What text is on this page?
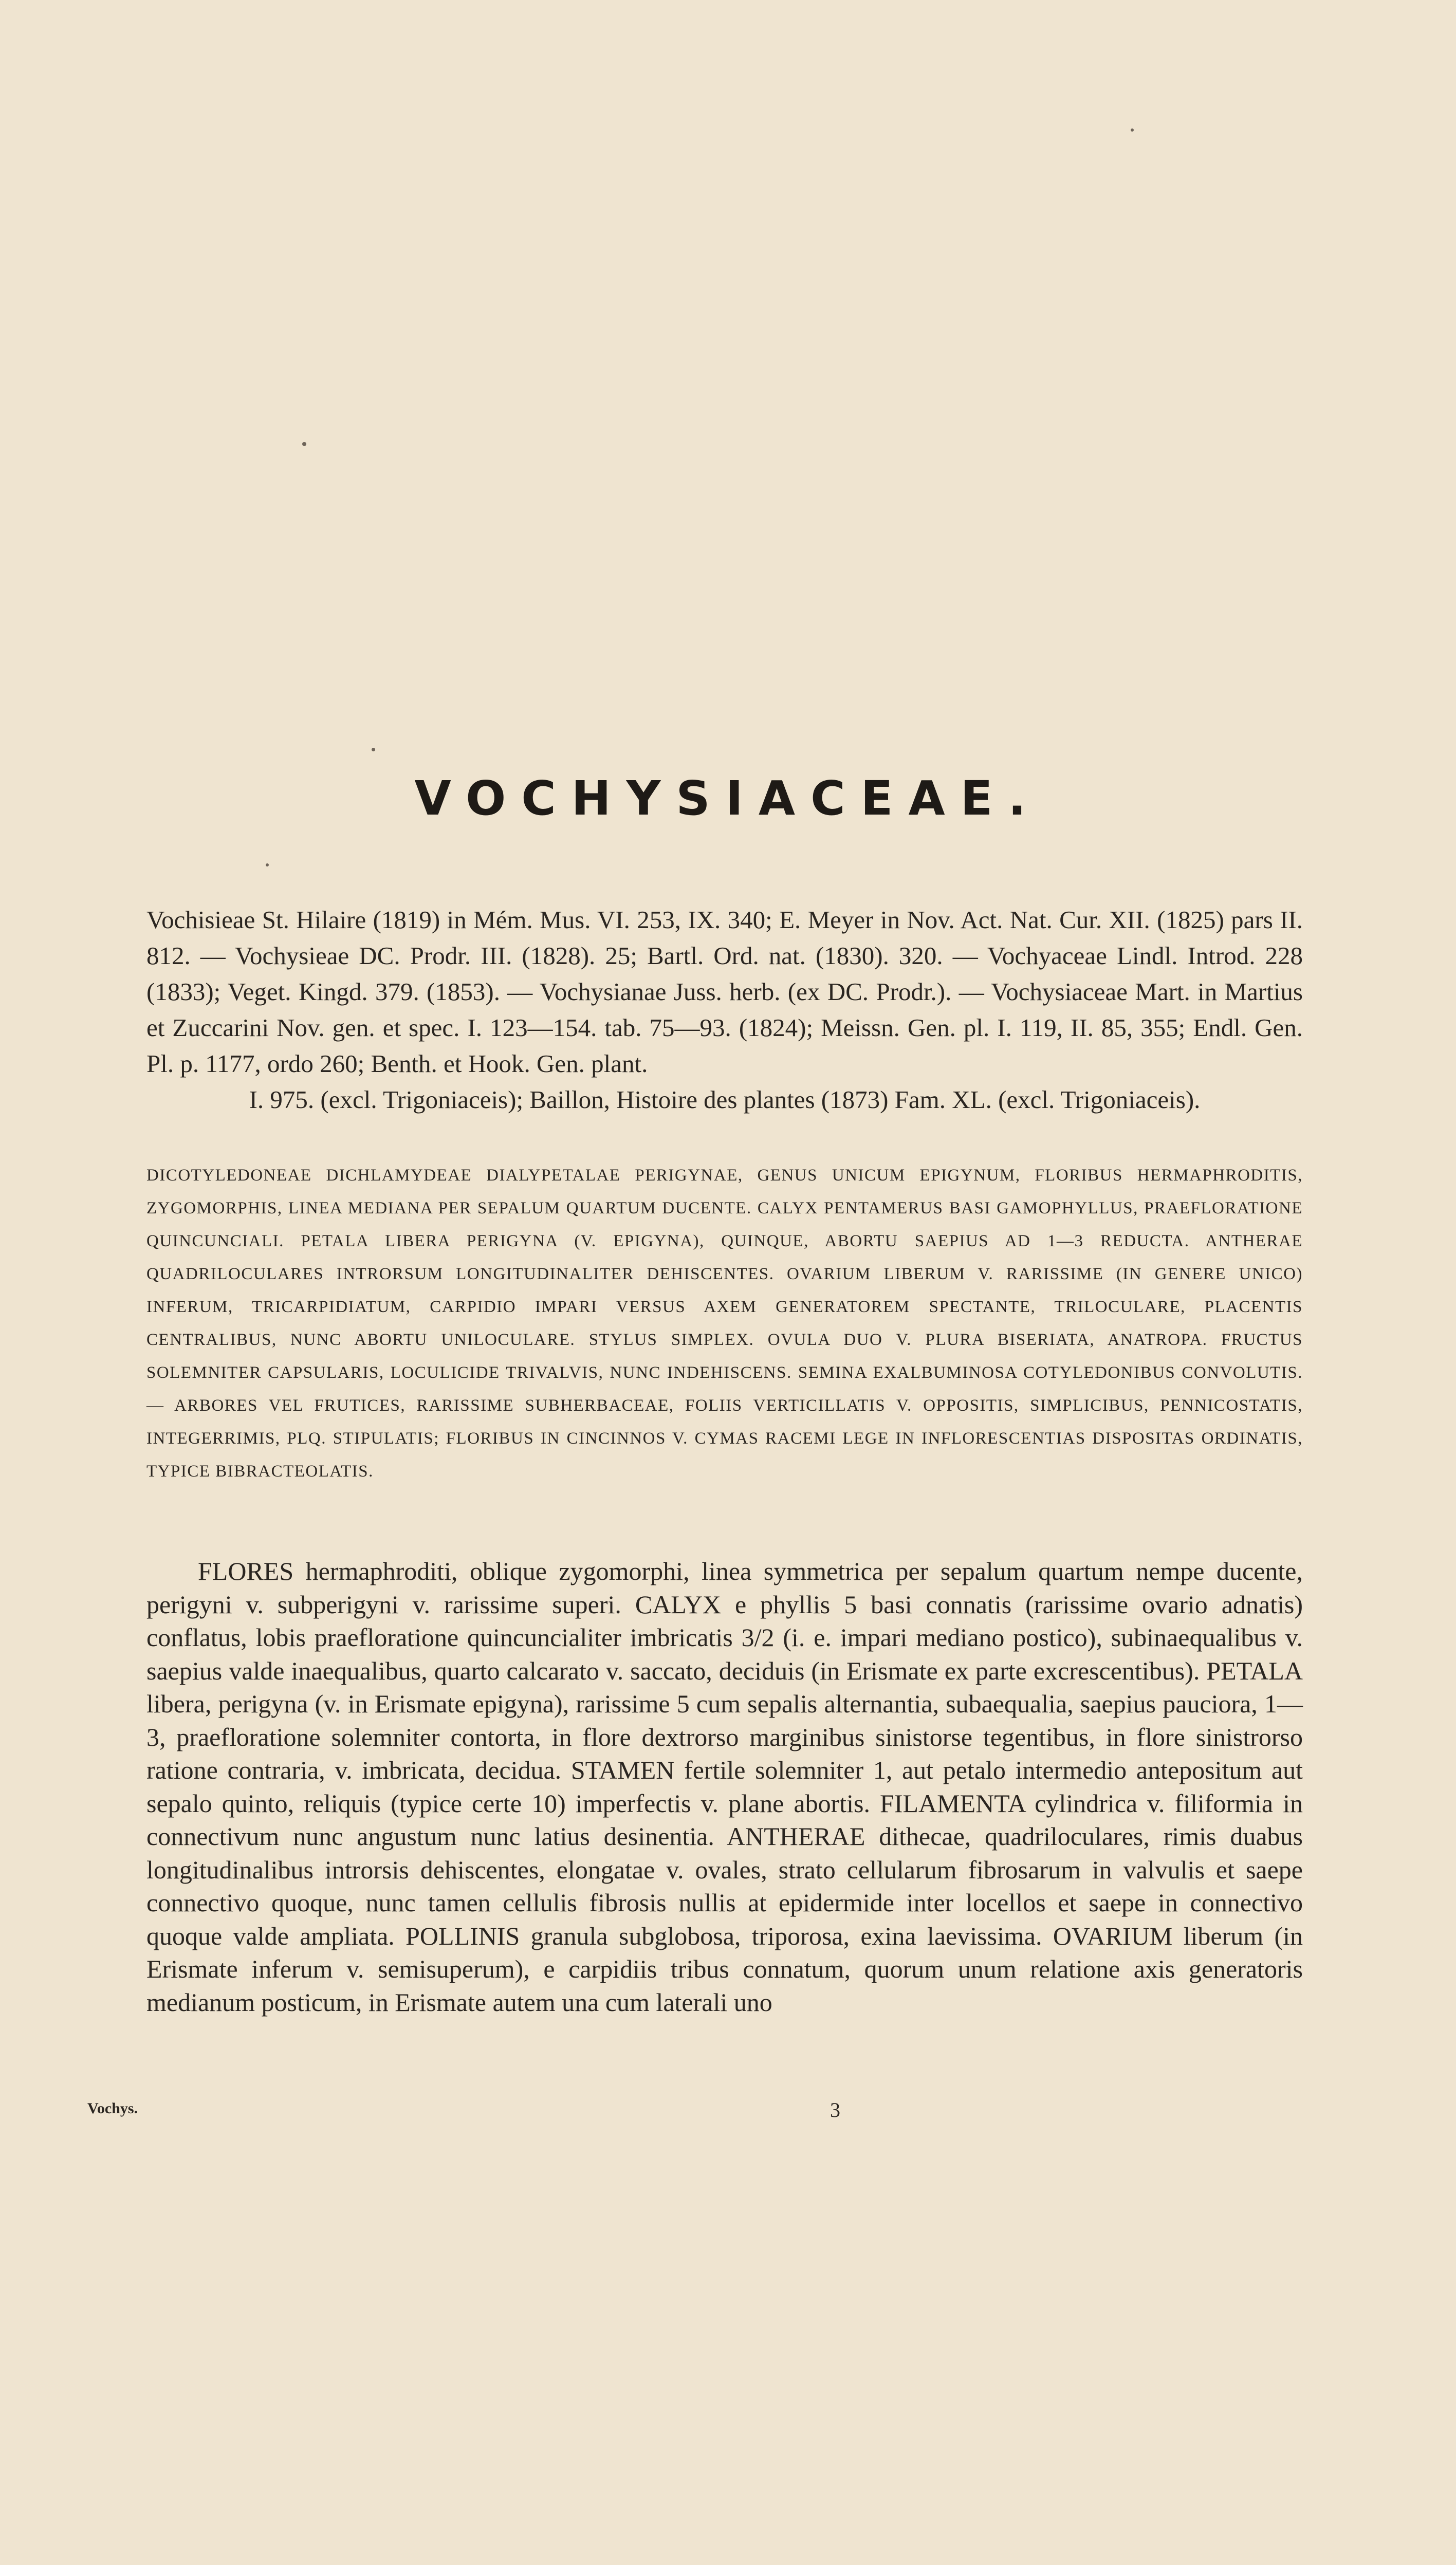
VOCHYSIACEAE.
Vochisieae St. Hilaire (1819) in Mém. Mus. VI. 253, IX. 340; E. Meyer in Nov. Act. Nat. Cur. XII. (1825) pars II. 812. — Vochysieae DC. Prodr. III. (1828). 25; Bartl. Ord. nat. (1830). 320. — Vochyaceae Lindl. Introd. 228 (1833); Veget. Kingd. 379. (1853). — Vochysianae Juss. herb. (ex DC. Prodr.). — Vochysiaceae Mart. in Martius et Zuccarini Nov. gen. et spec. I. 123—154. tab. 75—93. (1824); Meissn. Gen. pl. I. 119, II. 85, 355; Endl. Gen. Pl. p. 1177, ordo 260; Benth. et Hook. Gen. plant.
I. 975. (excl. Trigoniaceis); Baillon, Histoire des plantes (1873) Fam. XL. (excl. Trigoniaceis).
DICOTYLEDONEAE DICHLAMYDEAE DIALYPETALAE PERIGYNAE, GENUS UNICUM EPIGYNUM, FLORIBUS HERMAPHRODITIS, ZYGOMORPHIS, LINEA MEDIANA PER SEPALUM QUARTUM DUCENTE. CALYX PENTAMERUS BASI GAMOPHYLLUS, PRAEFLORATIONE QUINCUNCIALI. PETALA LIBERA PERIGYNA (V. EPIGYNA), QUINQUE, ABORTU SAEPIUS AD 1—3 REDUCTA. ANTHERAE QUADRILOCULARES INTRORSUM LONGITUDINALITER DEHISCENTES. OVARIUM LIBERUM V. RARISSIME (IN GENERE UNICO) INFERUM, TRICARPIDIATUM, CARPIDIO IMPARI VERSUS AXEM GENERATOREM SPECTANTE, TRILOCULARE, PLACENTIS CENTRALIBUS, NUNC ABORTU UNILOCULARE. STYLUS SIMPLEX. OVULA DUO V. PLURA BISERIATA, ANATROPA. FRUCTUS SOLEMNITER CAPSULARIS, LOCULICIDE TRIVALVIS, NUNC INDEHISCENS. SEMINA EXALBUMINOSA COTYLEDONIBUS CONVOLUTIS. — ARBORES VEL FRUTICES, RARISSIME SUBHERBACEAE, FOLIIS VERTICILLATIS V. OPPOSITIS, SIMPLICIBUS, PENNICOSTATIS, INTEGERRIMIS, PLQ. STIPULATIS; FLORIBUS IN CINCINNOS V. CYMAS RACEMI LEGE IN INFLORESCENTIAS DISPOSITAS ORDINATIS, TYPICE BIBRACTEOLATIS.

FLORES hermaphroditi, oblique zygomorphi, linea symmetrica per sepalum quartum nempe ducente, perigyni v. subperigyni v. rarissime superi. CALYX e phyllis 5 basi connatis (rarissime ovario adnatis) conflatus, lobis praefloratione quincuncialiter imbricatis 3/2 (i. e. impari mediano postico), subinaequalibus v. saepius valde inaequalibus, quarto calcarato v. saccato, deciduis (in Erismate ex parte excrescentibus). PETALA libera, perigyna (v. in Erismate epigyna), rarissime 5 cum sepalis alternantia, subaequalia, saepius pauciora, 1—3, praefloratione solemniter contorta, in flore dextrorso marginibus sinistorse tegentibus, in flore sinistrorso ratione contraria, v. imbricata, decidua. STAMEN fertile solemniter 1, aut petalo intermedio antepositum aut sepalo quinto, reliquis (typice certe 10) imperfectis v. plane abortis. FILAMENTA cylindrica v. filiformia in connectivum nunc angustum nunc latius desinentia. ANTHERAE dithecae, quadriloculares, rimis duabus longitudinalibus introrsis dehiscentes, elongatae v. ovales, strato cellularum fibrosarum in valvulis et saepe connectivo quoque, nunc tamen cellulis fibrosis nullis at epidermide inter locellos et saepe in connectivo quoque valde ampliata. POLLINIS granula subglobosa, triporosa, exina laevissima. OVARIUM liberum (in Erismate inferum v. semisuperum), e carpidiis tribus connatum, quorum unum relatione axis generatoris medianum posticum, in Erismate autem una cum laterali uno

Vochys.	3
